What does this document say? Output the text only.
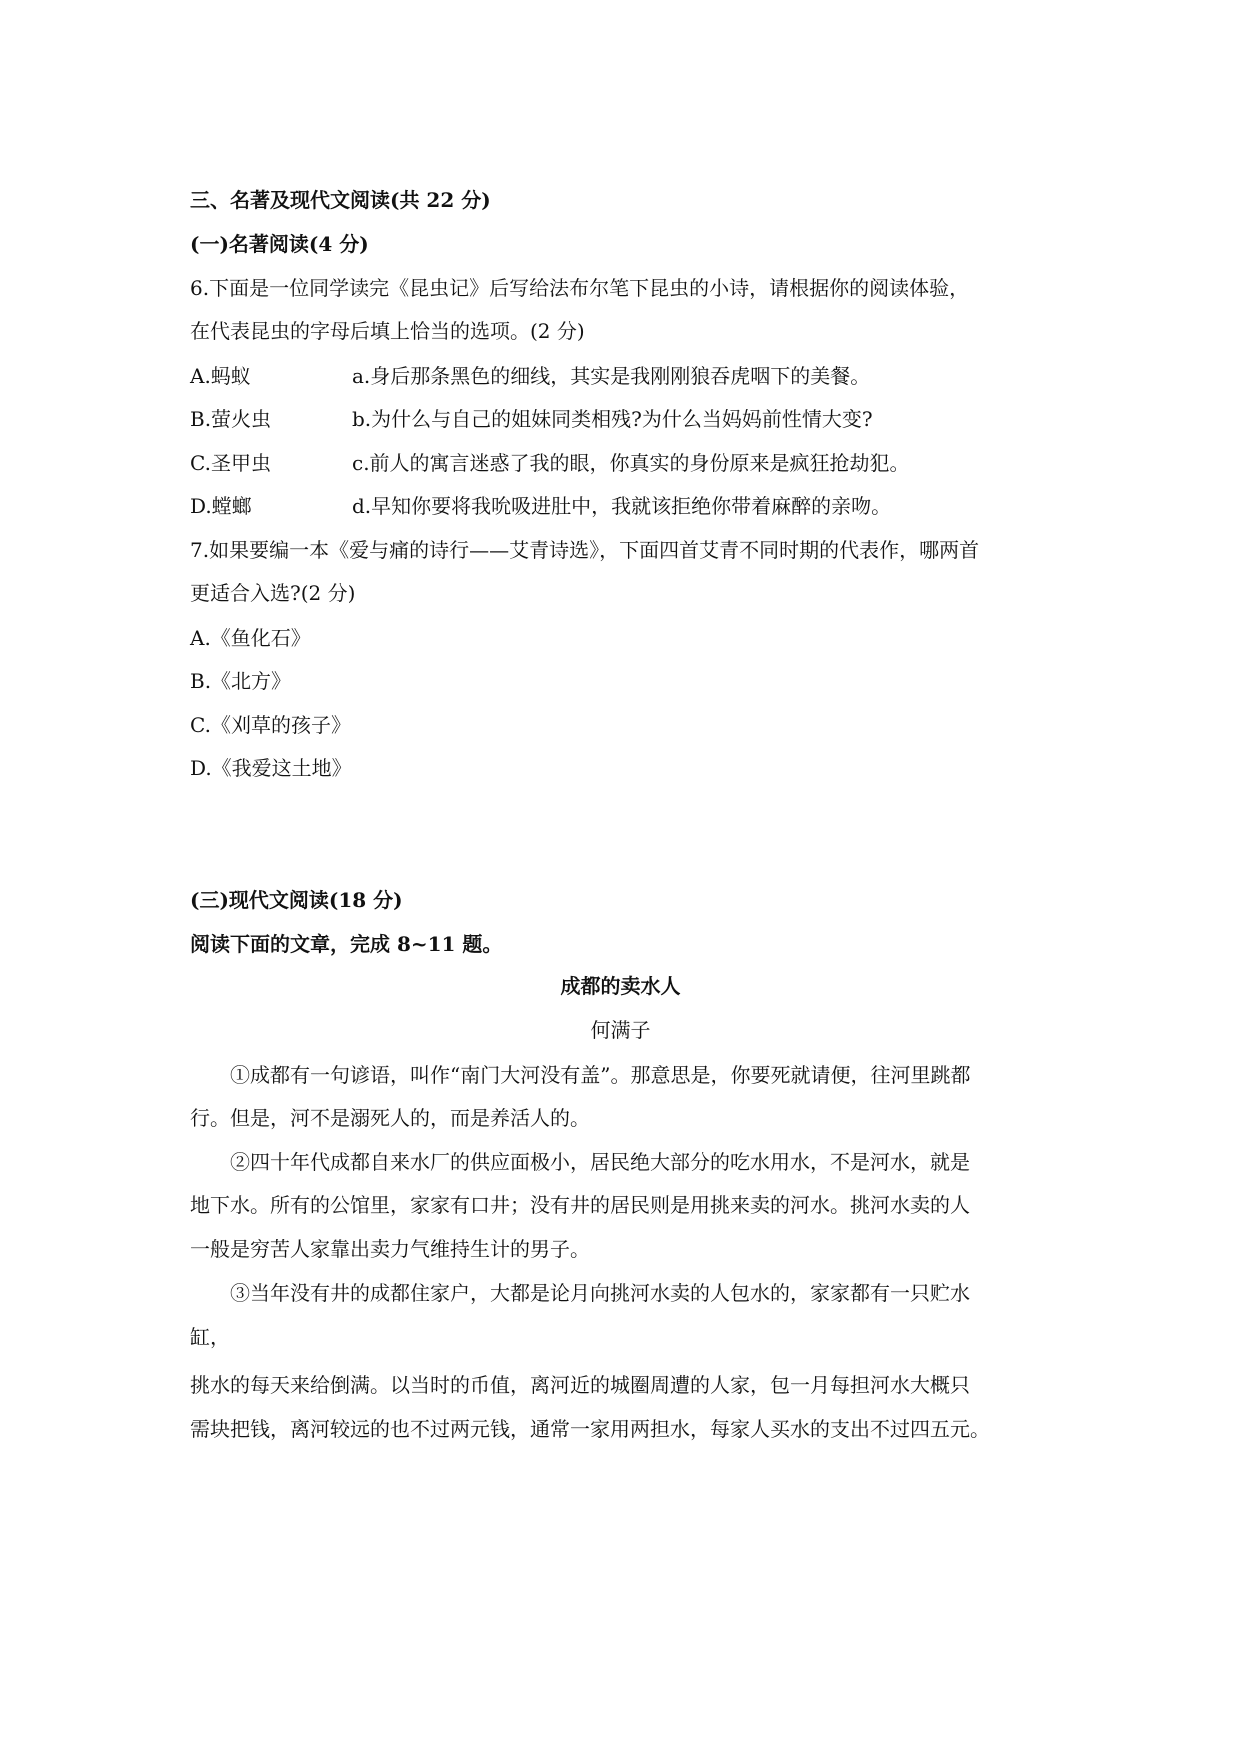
三、名著及现代文阅读(共 22 分)
(一)名著阅读(4 分)
6.下面是一位同学读完《昆虫记》后写给法布尔笔下昆虫的小诗，请根据你的阅读体验，
在代表昆虫的字母后填上恰当的选项。(2 分)
A.蚂蚁	a.身后那条黑色的细线，其实是我刚刚狼吞虎咽下的美餐。
B.萤火虫	b.为什么与自己的姐妹同类相残?为什么当妈妈前性情大变?
C.圣甲虫	c.前人的寓言迷惑了我的眼，你真实的身份原来是疯狂抢劫犯。
D.螳螂	d.早知你要将我吮吸进肚中，我就该拒绝你带着麻醉的亲吻。
7.如果要编一本《爱与痛的诗行——艾青诗选》，下面四首艾青不同时期的代表作，哪两首
更适合入选?(2 分)
A.《鱼化石》
B.《北方》
C.《刈草的孩子》
D.《我爱这土地》
(三)现代文阅读(18 分)
阅读下面的文章，完成 8~11 题。
成都的卖水人
何满子
①成都有一句谚语，叫作“南门大河没有盖”。那意思是，你要死就请便，往河里跳都
行。但是，河不是溺死人的，而是养活人的。
②四十年代成都自来水厂的供应面极小，居民绝大部分的吃水用水，不是河水，就是
地下水。所有的公馆里，家家有口井；没有井的居民则是用挑来卖的河水。挑河水卖的人
一般是穷苦人家靠出卖力气维持生计的男子。
③当年没有井的成都住家户，大都是论月向挑河水卖的人包水的，家家都有一只贮水
缸，
挑水的每天来给倒满。以当时的币值，离河近的城圈周遭的人家，包一月每担河水大概只
需块把钱，离河较远的也不过两元钱，通常一家用两担水，每家人买水的支出不过四五元。
